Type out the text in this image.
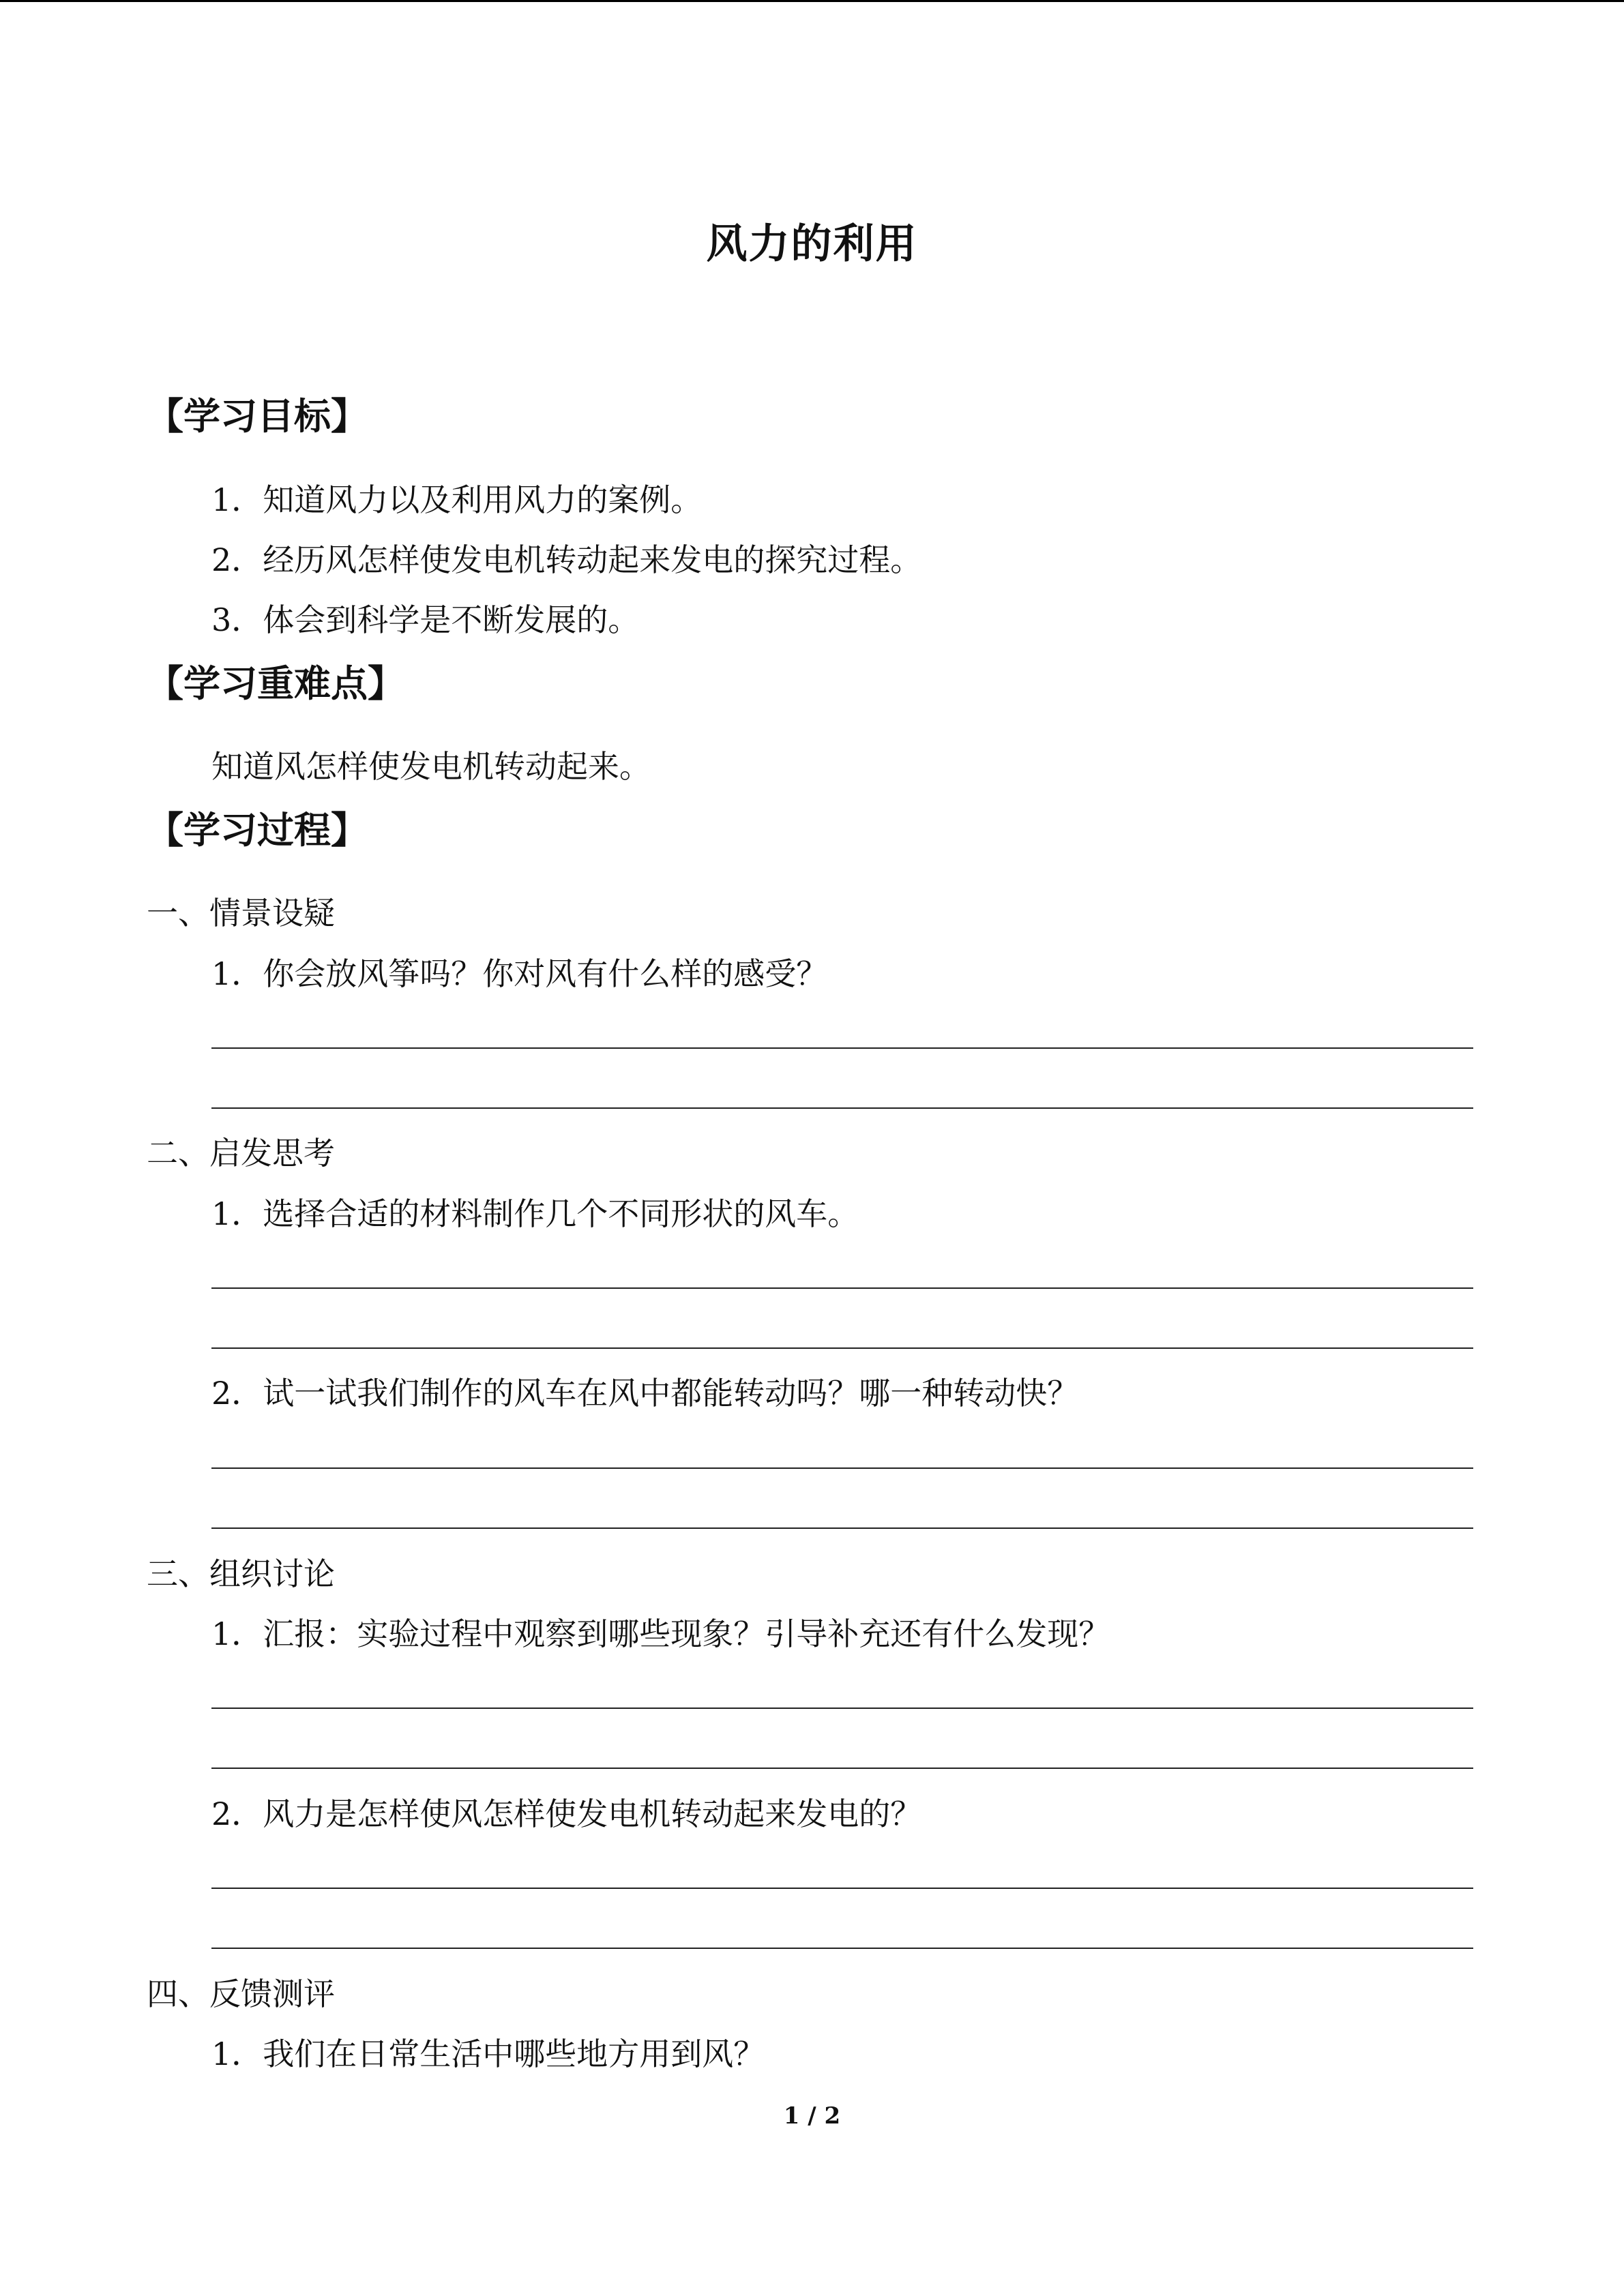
风力的利用
【学习目标】
1．知道风力以及利用风力的案例。
2．经历风怎样使发电机转动起来发电的探究过程。
3．体会到科学是不断发展的。
【学习重难点】
知道风怎样使发电机转动起来。
【学习过程】
一、情景设疑
1．你会放风筝吗？你对风有什么样的感受？
二、启发思考
1．选择合适的材料制作几个不同形状的风车。
2．试一试我们制作的风车在风中都能转动吗？哪一种转动快？
三、组织讨论
1．汇报：实验过程中观察到哪些现象？引导补充还有什么发现？
2．风力是怎样使风怎样使发电机转动起来发电的？
四、反馈测评
1．我们在日常生活中哪些地方用到风？
1 / 2
